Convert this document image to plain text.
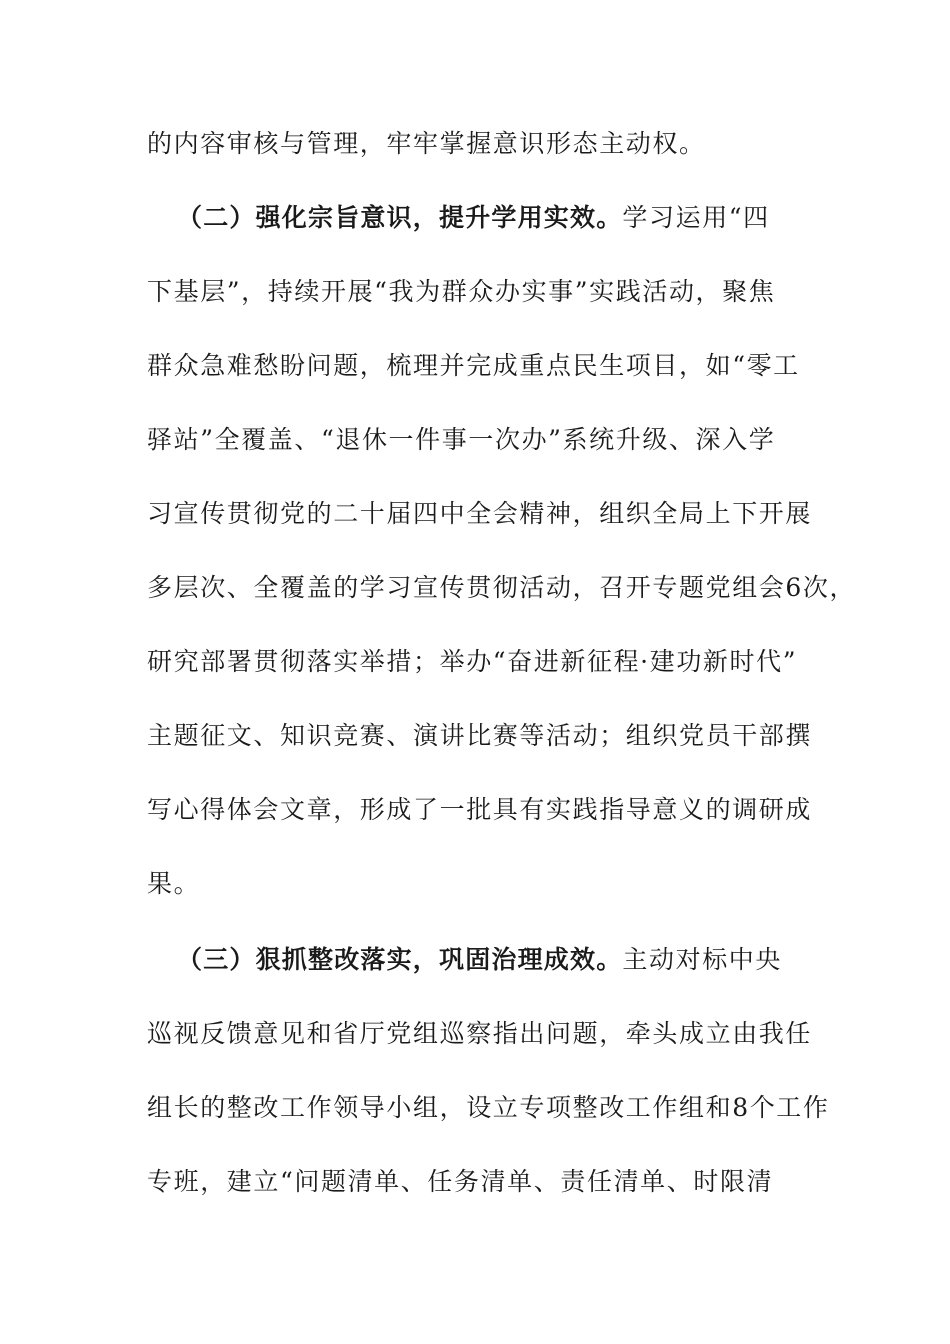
的内容审核与管理，牢牢掌握意识形态主动权。
（二）强化宗旨意识，提升学用实效。学习运用“四
下基层”，持续开展“我为群众办实事”实践活动，聚焦
群众急难愁盼问题，梳理并完成重点民生项目，如“零工
驿站”全覆盖、“退休一件事一次办”系统升级、深入学
习宣传贯彻党的二十届四中全会精神，组织全局上下开展
多层次、全覆盖的学习宣传贯彻活动，召开专题党组会6次，
研究部署贯彻落实举措；举办“奋进新征程·建功新时代”
主题征文、知识竞赛、演讲比赛等活动；组织党员干部撰
写心得体会文章，形成了一批具有实践指导意义的调研成
果。
（三）狠抓整改落实，巩固治理成效。主动对标中央
巡视反馈意见和省厅党组巡察指出问题，牵头成立由我任
组长的整改工作领导小组，设立专项整改工作组和8个工作
专班，建立“问题清单、任务清单、责任清单、时限清
